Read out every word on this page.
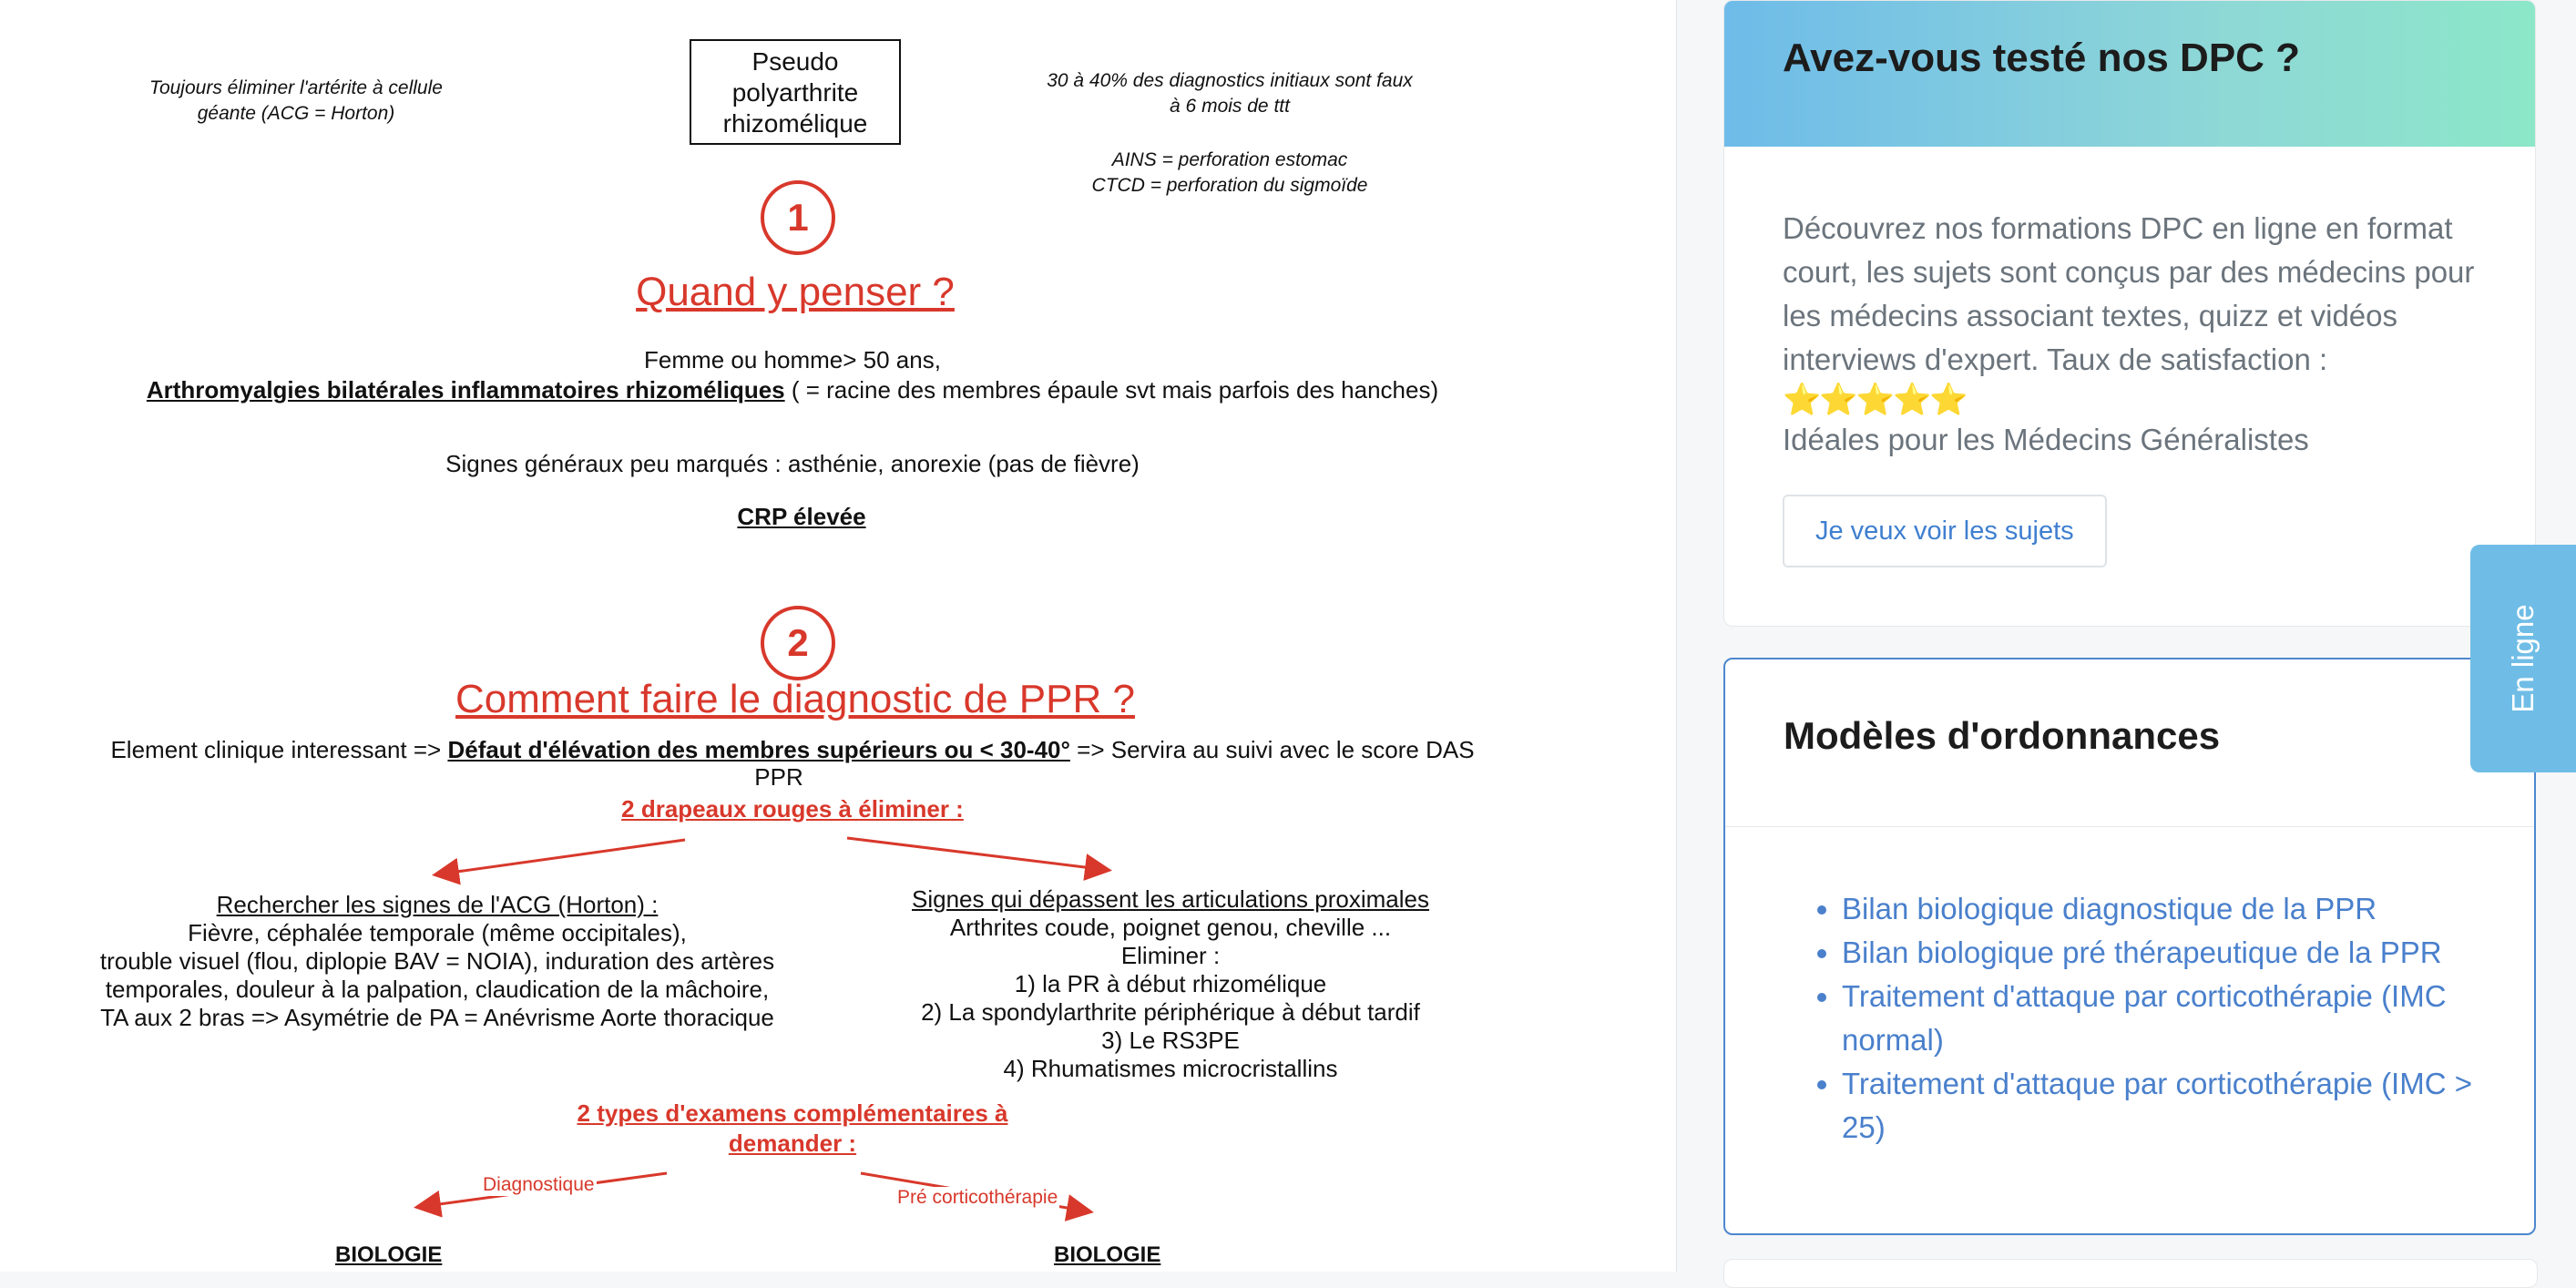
Toujours éliminer l'artérite à cellule géante (ACG = Horton)
Pseudo
polyarthrite
rhizomélique
30 à 40% des diagnostics initiaux sont faux
à 6 mois de ttt
AINS = perforation estomac
CTCD = perforation du sigmoïde
1
Quand y penser ?
Femme ou homme> 50 ans,
Arthromyalgies bilatérales inflammatoires rhizoméliques ( = racine des membres épaule svt mais parfois des hanches)
Signes généraux peu marqués : asthénie, anorexie (pas de fièvre)
CRP élevée
2
Comment faire le diagnostic de PPR ?
Element clinique interessant => Défaut d'élévation des membres supérieurs ou < 30-40° => Servira au suivi avec le score DAS
PPR
2 drapeaux rouges à éliminer :
Rechercher les signes de l'ACG (Horton) :
Fièvre, céphalée temporale (même occipitales),
trouble visuel (flou, diplopie BAV = NOIA), induration des artères
temporales, douleur à la palpation, claudication de la mâchoire,
TA aux 2 bras => Asymétrie de PA = Anévrisme Aorte thoracique
Signes qui dépassent les articulations proximales
Arthrites coude, poignet genou, cheville ...
Eliminer :
1) la PR à début rhizomélique
2) La spondylarthrite périphérique à début tardif
3) Le RS3PE
4) Rhumatismes microcristallins
2 types d'examens complémentaires à
demander :
Diagnostique
Pré corticothérapie
BIOLOGIE	BIOLOGIE
Avez-vous testé nos DPC ?
Découvrez nos formations DPC en ligne en format court, les sujets sont conçus par des médecins pour les médecins associant textes, quizz et vidéos interviews d'expert. Taux de satisfaction :
⭐⭐⭐⭐⭐
Idéales pour les Médecins Généralistes
Je veux voir les sujets
Modèles d'ordonnances
• Bilan biologique diagnostique de la PPR
• Bilan biologique pré thérapeutique de la PPR
• Traitement d'attaque par corticothérapie (IMC normal)
• Traitement d'attaque par corticothérapie (IMC > 25)
En ligne
